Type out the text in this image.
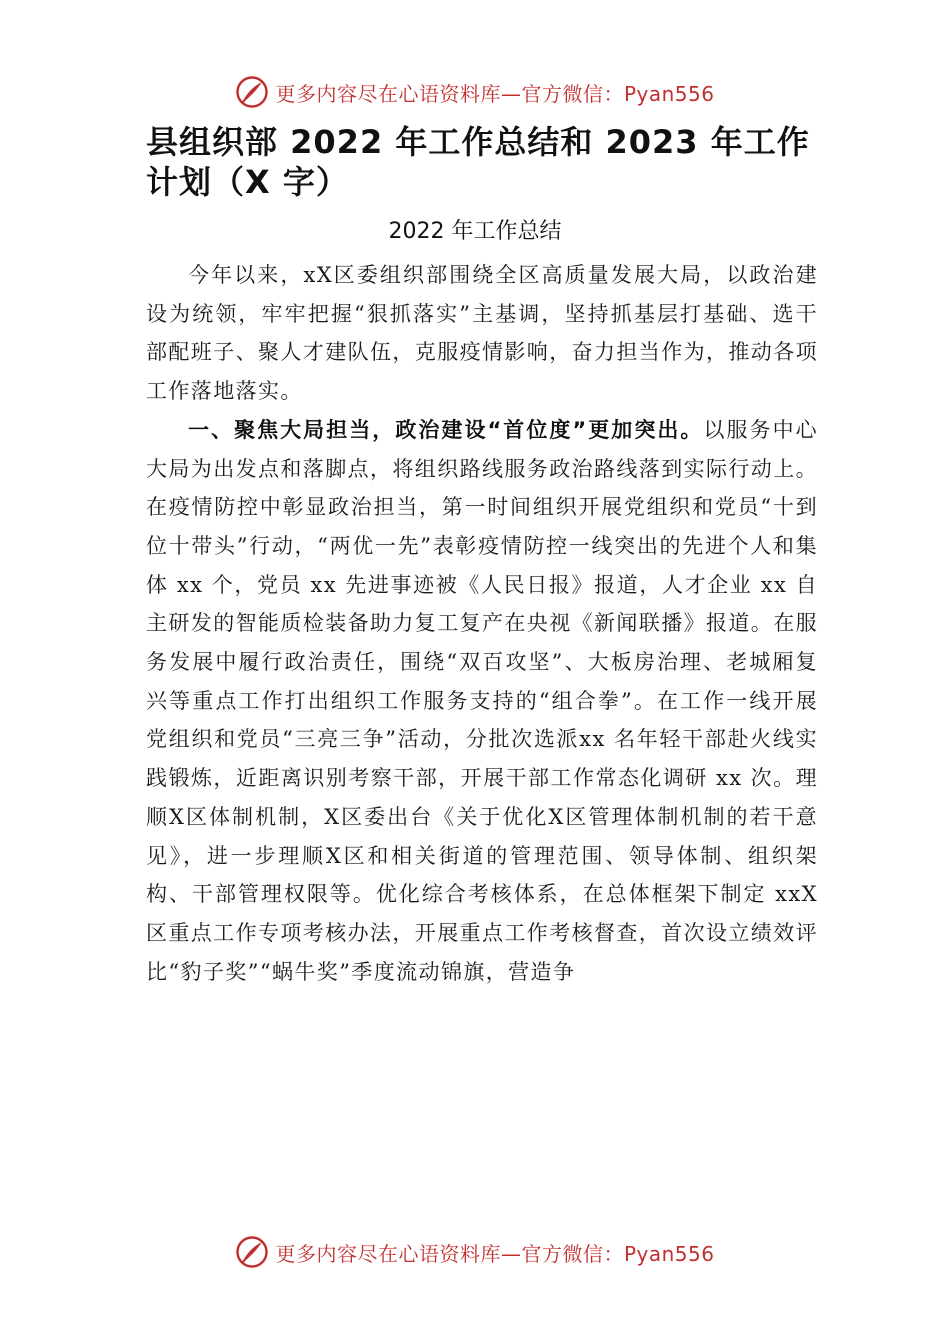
更多内容尽在心语资料库—官方微信：Pyan556
县组织部 2022 年工作总结和 2023 年工作计划（X 字）
2022 年工作总结

今年以来，xX区委组织部围绕全区高质量发展大局，以政治建设为统领，牢牢把握“狠抓落实”主基调，坚持抓基层打基础、选干部配班子、聚人才建队伍，克服疫情影响，奋力担当作为，推动各项工作落地落实。

一、聚焦大局担当，政治建设“首位度”更加突出。以服务中心大局为出发点和落脚点，将组织路线服务政治路线落到实际行动上。在疫情防控中彰显政治担当，第一时间组织开展党组织和党员“十到位十带头”行动，“两优一先”表彰疫情防控一线突出的先进个人和集体 xx 个，党员 xx 先进事迹被《人民日报》报道，人才企业 xx 自主研发的智能质检装备助力复工复产在央视《新闻联播》报道。在服务发展中履行政治责任，围绕“双百攻坚”、大板房治理、老城厢复兴等重点工作打出组织工作服务支持的“组合拳”。在工作一线开展党组织和党员“三亮三争”活动，分批次选派xx 名年轻干部赴火线实践锻炼，近距离识别考察干部，开展干部工作常态化调研 xx 次。理顺X区体制机制，X区委出台《关于优化X区管理体制机制的若干意见》，进一步理顺X区和相关街道的管理范围、领导体制、组织架构、干部管理权限等。优化综合考核体系，在总体框架下制定 xxX区重点工作专项考核办法，开展重点工作考核督查，首次设立绩效评比“豹子奖”“蜗牛奖”季度流动锦旗，营造争

更多内容尽在心语资料库—官方微信：Pyan556
